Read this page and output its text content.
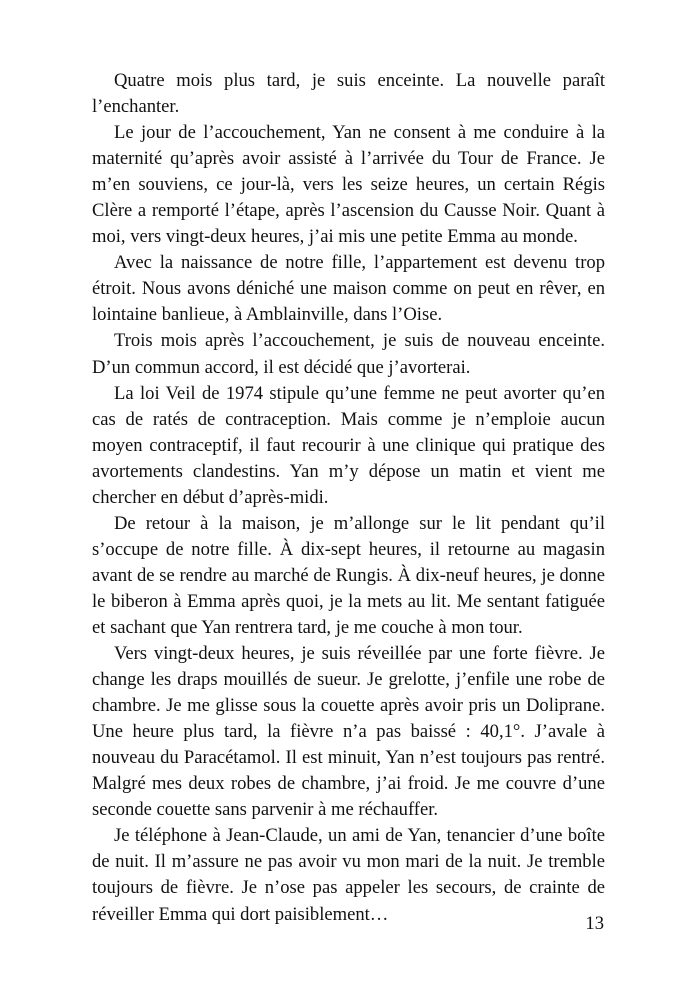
Quatre mois plus tard, je suis enceinte. La nouvelle paraît l’enchanter.

Le jour de l’accouchement, Yan ne consent à me conduire à la maternité qu’après avoir assisté à l’arrivée du Tour de France. Je m’en souviens, ce jour-là, vers les seize heures, un certain Régis Clère a remporté l’étape, après l’ascension du Causse Noir. Quant à moi, vers vingt-deux heures, j’ai mis une petite Emma au monde.

Avec la naissance de notre fille, l’appartement est devenu trop étroit. Nous avons déniché une maison comme on peut en rêver, en lointaine banlieue, à Amblainville, dans l’Oise.

Trois mois après l’accouchement, je suis de nouveau enceinte. D’un commun accord, il est décidé que j’avorterai.

La loi Veil de 1974 stipule qu’une femme ne peut avorter qu’en cas de ratés de contraception. Mais comme je n’emploie aucun moyen contraceptif, il faut recourir à une clinique qui pratique des avortements clandestins. Yan m’y dépose un matin et vient me chercher en début d’après-midi.

De retour à la maison, je m’allonge sur le lit pendant qu’il s’occupe de notre fille. À dix-sept heures, il retourne au magasin avant de se rendre au marché de Rungis. À dix-neuf heures, je donne le biberon à Emma après quoi, je la mets au lit. Me sentant fatiguée et sachant que Yan rentrera tard, je me couche à mon tour.

Vers vingt-deux heures, je suis réveillée par une forte fièvre. Je change les draps mouillés de sueur. Je grelotte, j’enfile une robe de chambre. Je me glisse sous la couette après avoir pris un Doliprane. Une heure plus tard, la fièvre n’a pas baissé : 40,1°. J’avale à nouveau du Paracétamol. Il est minuit, Yan n’est toujours pas rentré. Malgré mes deux robes de chambre, j’ai froid. Je me couvre d’une seconde couette sans parvenir à me réchauffer.

Je téléphone à Jean-Claude, un ami de Yan, tenancier d’une boîte de nuit. Il m’assure ne pas avoir vu mon mari de la nuit. Je tremble toujours de fièvre. Je n’ose pas appeler les secours, de crainte de réveiller Emma qui dort paisiblement…	13
